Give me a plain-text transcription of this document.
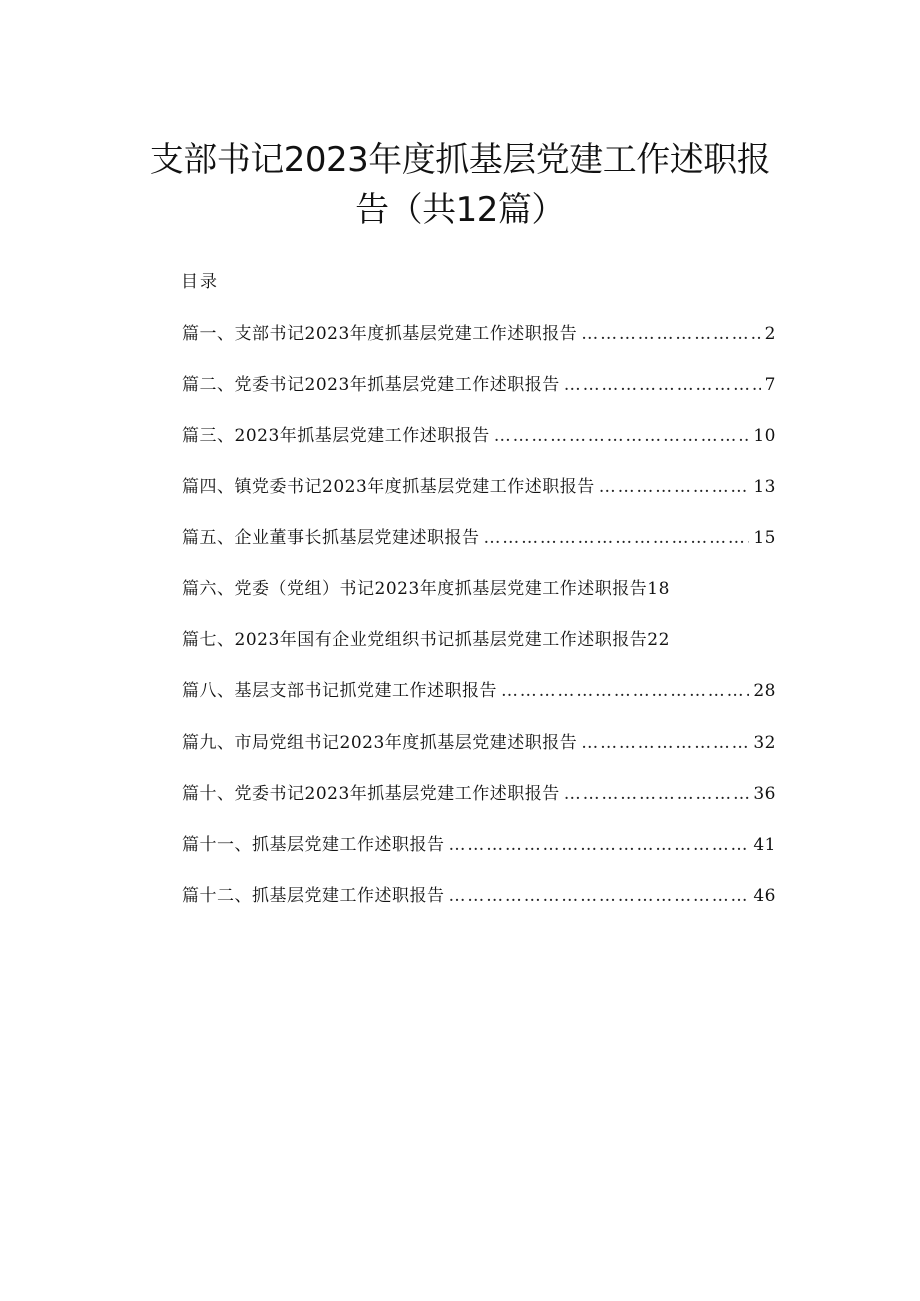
支部书记2023年度抓基层党建工作述职报
告（共12篇）
目录
篇一、支部书记2023年度抓基层党建工作述职报告 …………………………………………………………………………………………………………………………………………………………	2
篇二、党委书记2023年抓基层党建工作述职报告 …………………………………………………………………………………………………………………………………………………………	7
篇三、2023年抓基层党建工作述职报告 …………………………………………………………………………………………………………………………………………………………	10
篇四、镇党委书记2023年度抓基层党建工作述职报告 …………………………………………………………………………………………………………………………………………………………	13
篇五、企业董事长抓基层党建述职报告 …………………………………………………………………………………………………………………………………………………………	15
篇六、党委（党组）书记2023年度抓基层党建工作述职报告 18
篇七、2023年国有企业党组织书记抓基层党建工作述职报告 22
篇八、基层支部书记抓党建工作述职报告 …………………………………………………………………………………………………………………………………………………………	28
篇九、市局党组书记2023年度抓基层党建述职报告 …………………………………………………………………………………………………………………………………………………………	32
篇十、党委书记2023年抓基层党建工作述职报告 …………………………………………………………………………………………………………………………………………………………	36
篇十一、抓基层党建工作述职报告 …………………………………………………………………………………………………………………………………………………………	41
篇十二、抓基层党建工作述职报告 …………………………………………………………………………………………………………………………………………………………	46
